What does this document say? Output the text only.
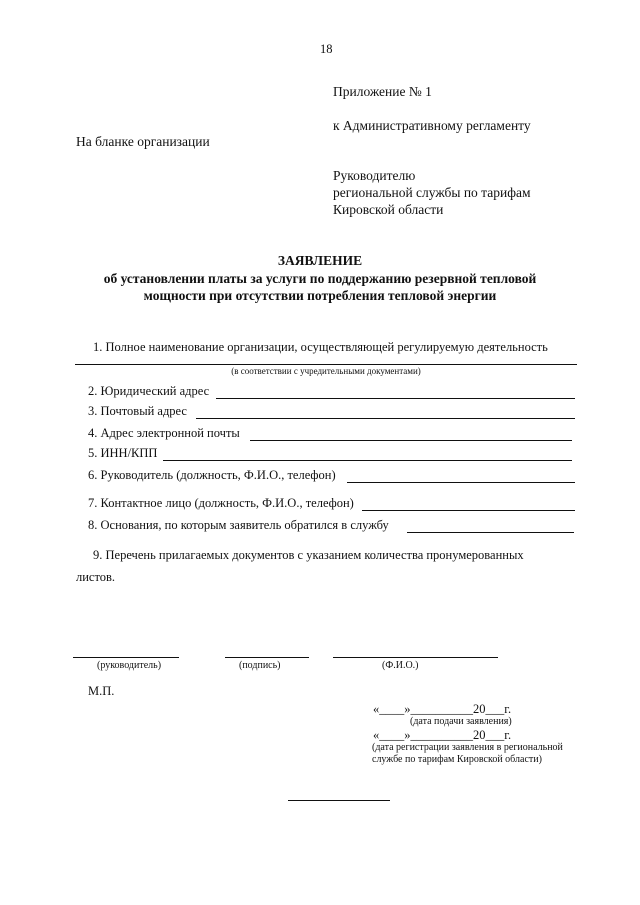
18
Приложение № 1
к Административному регламенту
На бланке организации
Руководителю
региональной службы по тарифам
Кировской области
ЗАЯВЛЕНИЕ
об установлении платы за услуги по поддержанию резервной тепловой
мощности при отсутствии потребления тепловой энергии
1. Полное наименование организации, осуществляющей регулируемую деятельность
(в соответствии с учредительными документами)
2. Юридический адрес
3. Почтовый адрес
4. Адрес электронной почты
5. ИНН/КПП
6. Руководитель (должность, Ф.И.О., телефон)
7. Контактное лицо (должность, Ф.И.О., телефон)
8. Основания, по которым заявитель обратился в службу
9. Перечень прилагаемых документов с указанием количества пронумерованных
листов.
(руководитель)	(подпись)	(Ф.И.О.)
М.П.
«____»__________20___г.
(дата подачи заявления)
«____»__________20___г.
(дата регистрации заявления в региональной
службе по тарифам Кировской области)
